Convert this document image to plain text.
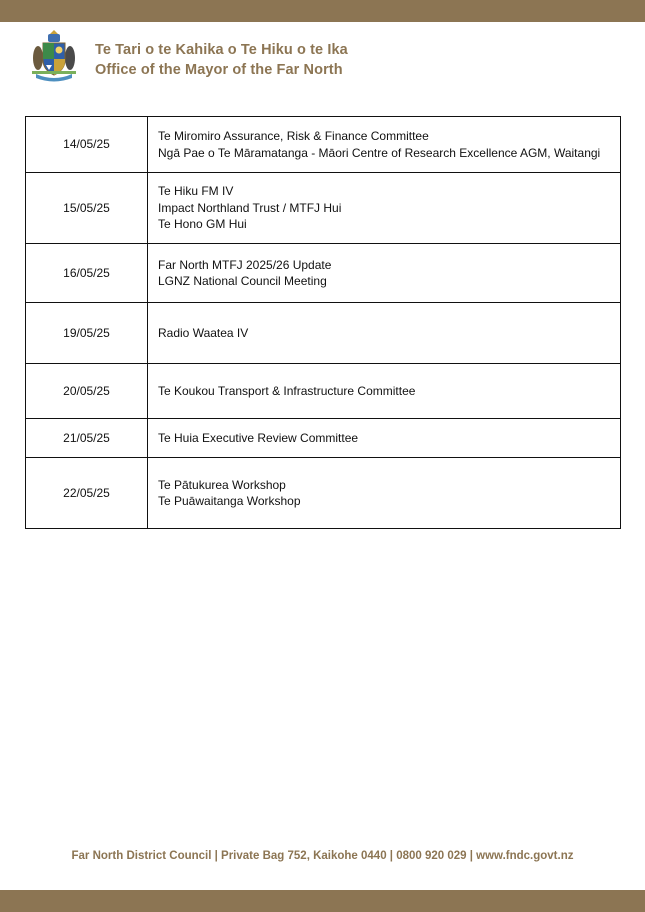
Te Tari o te Kahika o Te Hiku o te Ika
Office of the Mayor of the Far North
14/05/25	Te Miromiro Assurance, Risk & Finance Committee
Ngā Pae o Te Māramatanga - Māori Centre of Research Excellence AGM, Waitangi

15/05/25	Te Hiku FM IV
Impact Northland Trust / MTFJ Hui
Te Hono GM Hui

16/05/25	Far North MTFJ 2025/26 Update
LGNZ National Council Meeting

19/05/25	Radio Waatea IV

20/05/25	Te Koukou Transport & Infrastructure Committee

21/05/25	Te Huia Executive Review Committee

22/05/25	Te Pātukurea Workshop
Te Puāwaitanga Workshop
Far North District Council | Private Bag 752, Kaikohe 0440 | 0800 920 029 | www.fndc.govt.nz
